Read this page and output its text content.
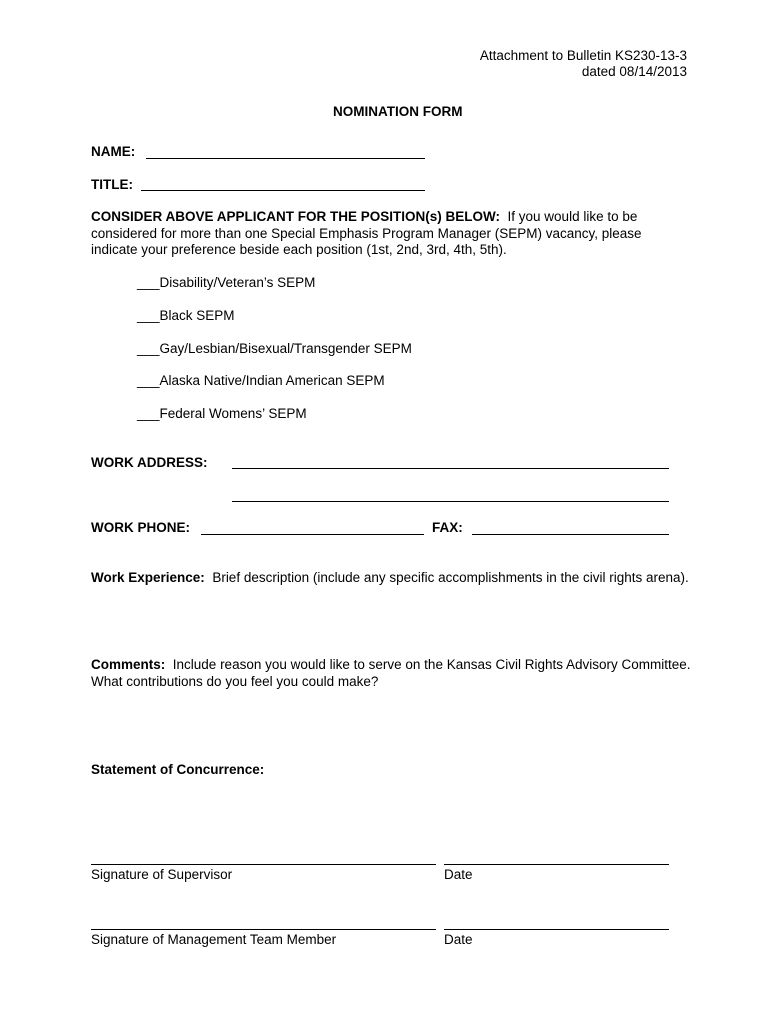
Attachment to Bulletin KS230-13-3
dated 08/14/2013
NOMINATION FORM
NAME:
TITLE:
CONSIDER ABOVE APPLICANT FOR THE POSITION(s) BELOW: If you would like to be
considered for more than one Special Emphasis Program Manager (SEPM) vacancy, please
indicate your preference beside each position (1st, 2nd, 3rd, 4th, 5th).
___Disability/Veteran’s SEPM
___Black SEPM
___Gay/Lesbian/Bisexual/Transgender SEPM
___Alaska Native/Indian American SEPM
___Federal Womens’ SEPM
WORK ADDRESS:
WORK PHONE:	FAX:
Work Experience: Brief description (include any specific accomplishments in the civil rights arena).
Comments: Include reason you would like to serve on the Kansas Civil Rights Advisory Committee.
What contributions do you feel you could make?
Statement of Concurrence:
Signature of Supervisor	Date
Signature of Management Team Member	Date
